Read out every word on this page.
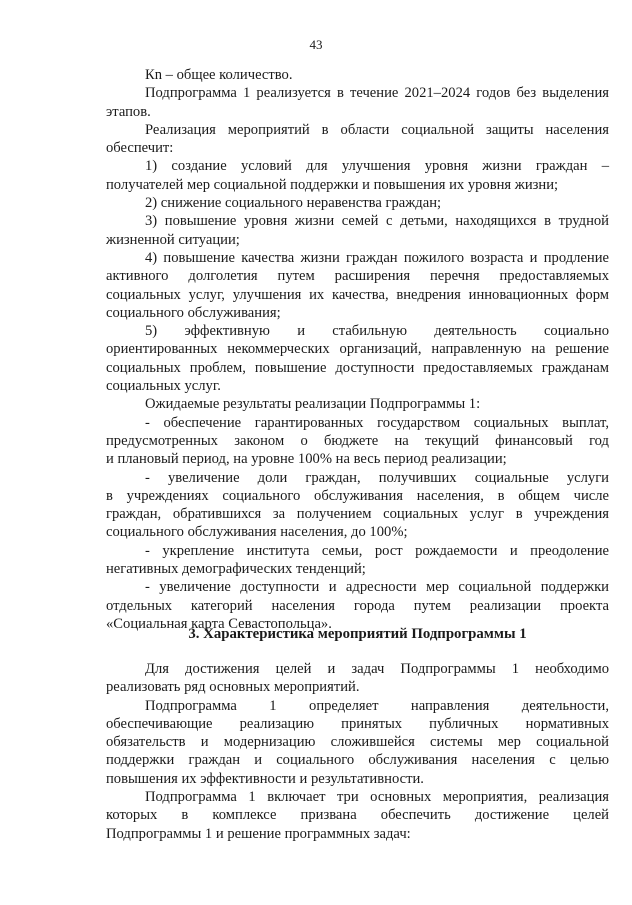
43
Кn – общее количество.
Подпрограмма 1 реализуется в течение 2021–2024 годов без выделения
этапов.
Реализация мероприятий в области социальной защиты населения
обеспечит:
1) создание условий для улучшения уровня жизни граждан –
получателей мер социальной поддержки и повышения их уровня жизни;
2) снижение социального неравенства граждан;
3) повышение уровня жизни семей с детьми, находящихся в трудной
жизненной ситуации;
4) повышение качества жизни граждан пожилого возраста и продление
активного долголетия путем расширения перечня предоставляемых
социальных услуг, улучшения их качества, внедрения инновационных форм
социального обслуживания;
5) эффективную и стабильную деятельность социально
ориентированных некоммерческих организаций, направленную на решение
социальных проблем, повышение доступности предоставляемых гражданам
социальных услуг.
Ожидаемые результаты реализации Подпрограммы 1:
- обеспечение гарантированных государством социальных выплат,
предусмотренных законом о бюджете на текущий финансовый год
и плановый период, на уровне 100% на весь период реализации;
- увеличение доли граждан, получивших социальные услуги
в учреждениях социального обслуживания населения, в общем числе
граждан, обратившихся за получением социальных услуг в учреждения
социального обслуживания населения, до 100%;
- укрепление института семьи, рост рождаемости и преодоление
негативных демографических тенденций;
- увеличение доступности и адресности мер социальной поддержки
отдельных категорий населения города путем реализации проекта
«Социальная карта Севастопольца».
3. Характеристика мероприятий Подпрограммы 1
Для достижения целей и задач Подпрограммы 1 необходимо
реализовать ряд основных мероприятий.
Подпрограмма 1 определяет направления деятельности,
обеспечивающие реализацию принятых публичных нормативных
обязательств и модернизацию сложившейся системы мер социальной
поддержки граждан и социального обслуживания населения с целью
повышения их эффективности и результативности.
Подпрограмма 1 включает три основных мероприятия, реализация
которых в комплексе призвана обеспечить достижение целей
Подпрограммы 1 и решение программных задач:
